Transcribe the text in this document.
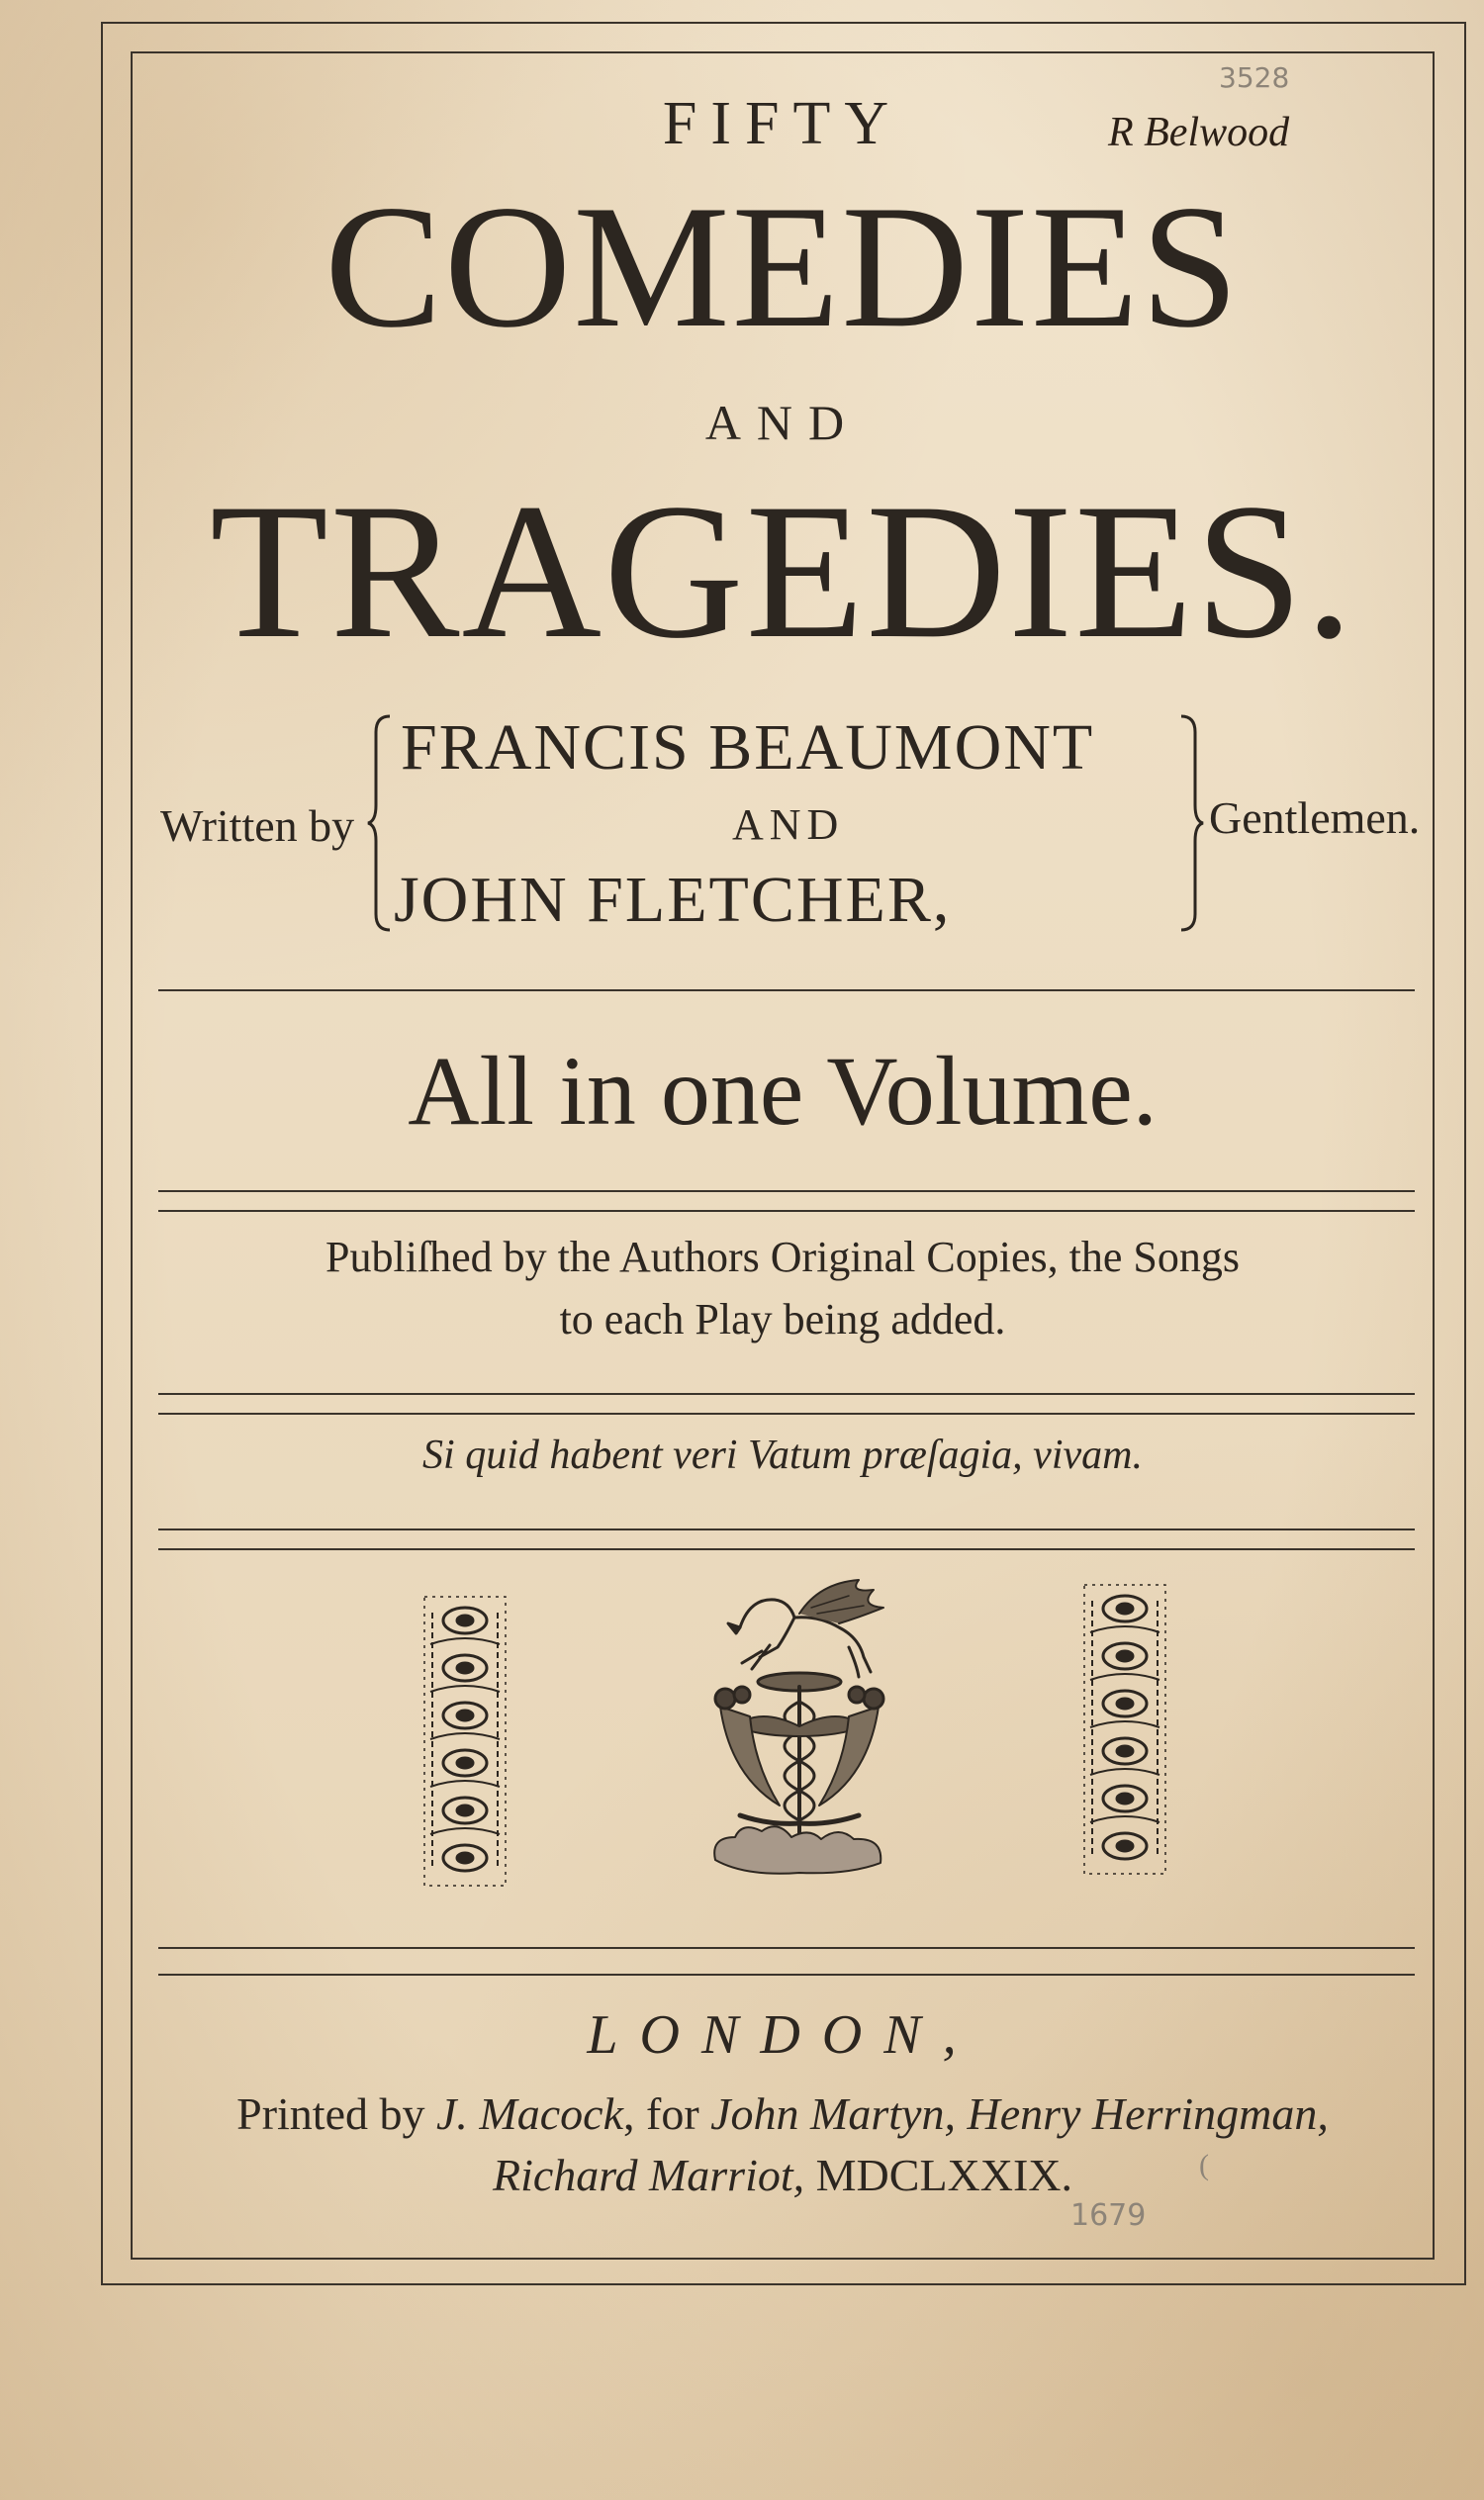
FIFTY
COMEDIES
AND
TRAGEDIES.
Written by
FRANCIS BEAUMONT
AND
JOHN FLETCHER,
Gentlemen.
All in one Volume.
Publiſhed by the Authors Original Copies, the Songs
to each Play being added.
Si quid habent veri Vatum præſagia, vivam.
LONDON,
Printed by J. Macock, for John Martyn, Henry Herringman,
Richard Marriot, MDCLXXIX.
R Belwood
3528
(
1679
